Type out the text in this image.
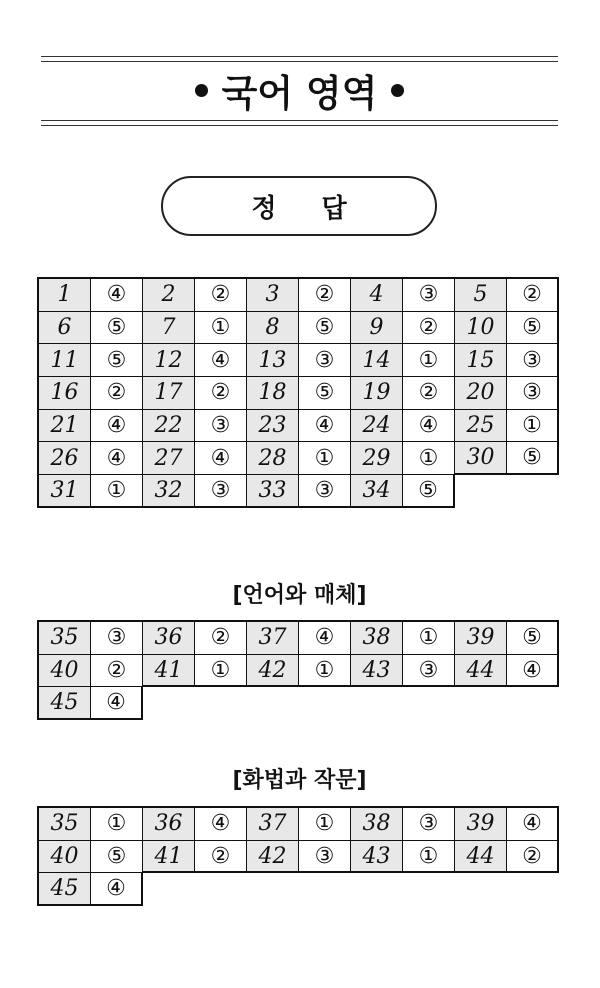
국어 영역
정 답
1	④	2	②	3	②	4	③	5	②
6	⑤	7	①	8	⑤	9	②	10	⑤
11	⑤	12	④	13	③	14	①	15	③
16	②	17	②	18	⑤	19	②	20	③
21	④	22	③	23	④	24	④	25	①
26	④	27	④	28	①	29	①	30	⑤
31	①	32	③	33	③	34	⑤
[언어와 매체]
35	③	36	②	37	④	38	①	39	⑤
40	②	41	①	42	①	43	③	44	④
45	④
[화법과 작문]
35	①	36	④	37	①	38	③	39	④
40	⑤	41	②	42	③	43	①	44	②
45	④
